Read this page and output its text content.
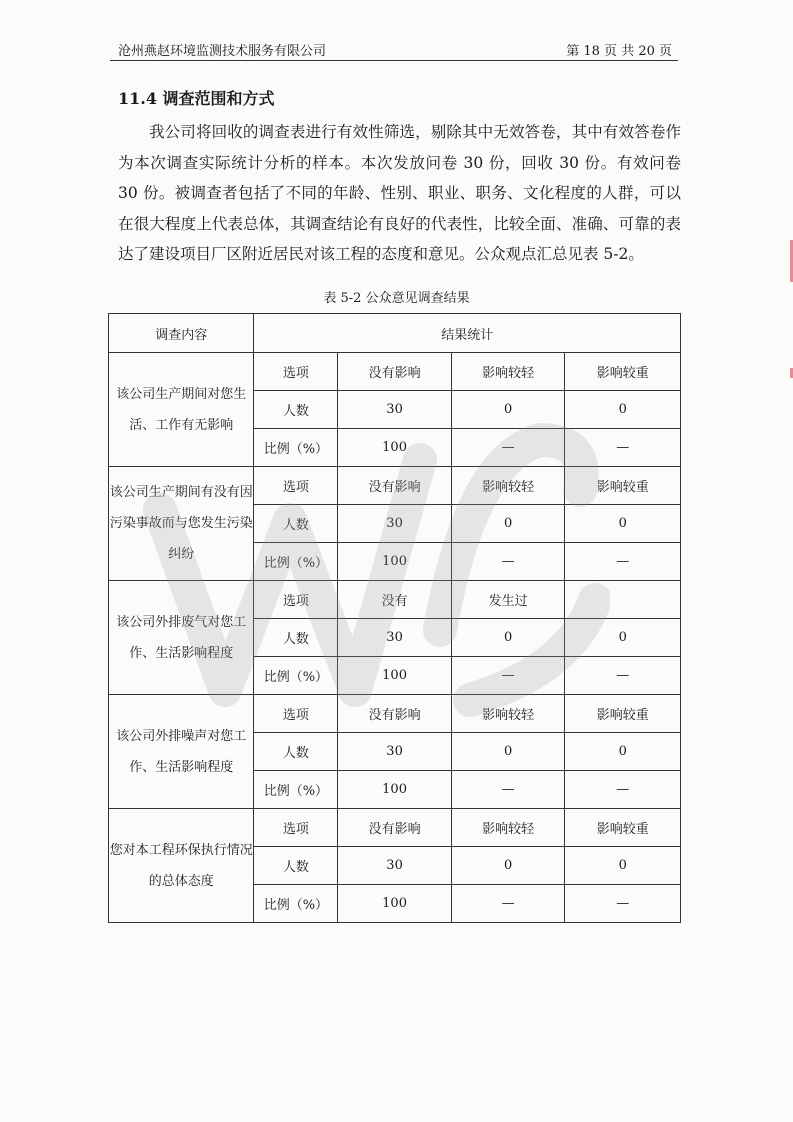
沧州燕赵环境监测技术服务有限公司	第 18 页 共 20 页
11.4 调查范围和方式
我公司将回收的调查表进行有效性筛选，剔除其中无效答卷，其中有效答卷作为本次调查实际统计分析的样本。本次发放问卷 30 份，回收 30 份。有效问卷 30 份。被调查者包括了不同的年龄、性别、职业、职务、文化程度的人群，可以在很大程度上代表总体，其调查结论有良好的代表性，比较全面、准确、可靠的表达了建设项目厂区附近居民对该工程的态度和意见。公众观点汇总见表 5-2。
表 5-2 公众意见调查结果
调查内容	结果统计			
该公司生产期间对您生活、工作有无影响	选项	没有影响	影响较轻	影响较重
	人数	30	0	0
	比例（%）	100	—	—
该公司生产期间有没有因污染事故而与您发生污染纠纷	选项	没有影响	影响较轻	影响较重
	人数	30	0	0
	比例（%）	100	—	—
该公司外排废气对您工作、生活影响程度	选项	没有	发生过	
	人数	30	0	0
	比例（%）	100	—	—
该公司外排噪声对您工作、生活影响程度	选项	没有影响	影响较轻	影响较重
	人数	30	0	0
	比例（%）	100	—	—
您对本工程环保执行情况的总体态度	选项	没有影响	影响较轻	影响较重
	人数	30	0	0
	比例（%）	100	—	—
